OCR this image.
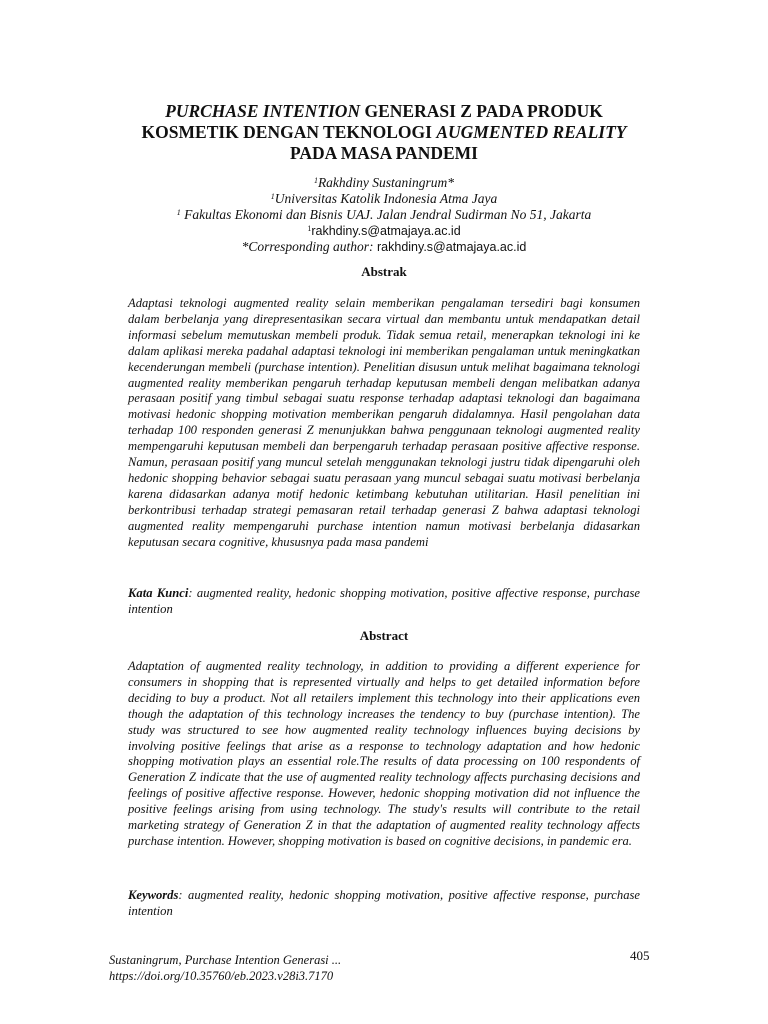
PURCHASE INTENTION GENERASI Z PADA PRODUK
KOSMETIK DENGAN TEKNOLOGI AUGMENTED REALITY
PADA MASA PANDEMI
$^1$Rakhdiny Sustaningrum*
$^1$Universitas Katolik Indonesia Atma Jaya
$^1$ Fakultas Ekonomi dan Bisnis UAJ. Jalan Jendral Sudirman No 51, Jakarta
$^1$rakhdiny.s@atmajaya.ac.id
*Corresponding author: rakhdiny.s@atmajaya.ac.id
Abstrak

Adaptasi teknologi augmented reality selain memberikan pengalaman tersediri bagi konsumen dalam berbelanja yang direpresentasikan secara virtual dan membantu untuk mendapatkan detail informasi sebelum memutuskan membeli produk. Tidak semua retail, menerapkan teknologi ini ke dalam aplikasi mereka padahal adaptasi teknologi ini memberikan pengalaman untuk meningkatkan kecenderungan membeli (purchase intention). Penelitian disusun untuk melihat bagaimana teknologi augmented reality memberikan pengaruh terhadap keputusan membeli dengan melibatkan adanya perasaan positif yang timbul sebagai suatu response terhadap adaptasi teknologi dan bagaimana motivasi hedonic shopping motivation memberikan pengaruh didalamnya. Hasil pengolahan data terhadap 100 responden generasi Z menunjukkan bahwa penggunaan teknologi augmented reality mempengaruhi keputusan membeli dan berpengaruh terhadap perasaan positive affective response. Namun, perasaan positif yang muncul setelah menggunakan teknologi justru tidak dipengaruhi oleh hedonic shopping behavior sebagai suatu perasaan yang muncul sebagai suatu motivasi berbelanja karena didasarkan adanya motif hedonic ketimbang kebutuhan utilitarian. Hasil penelitian ini berkontribusi terhadap strategi pemasaran retail terhadap generasi Z bahwa adaptasi teknologi augmented reality mempengaruhi purchase intention namun motivasi berbelanja didasarkan keputusan secara cognitive, khususnya pada masa pandemi

Kata Kunci: augmented reality, hedonic shopping motivation, positive affective response, purchase intention

Abstract

Adaptation of augmented reality technology, in addition to providing a different experience for consumers in shopping that is represented virtually and helps to get detailed information before deciding to buy a product. Not all retailers implement this technology into their applications even though the adaptation of this technology increases the tendency to buy (purchase intention). The study was structured to see how augmented reality technology influences buying decisions by involving positive feelings that arise as a response to technology adaptation and how hedonic shopping motivation plays an essential role.The results of data processing on 100 respondents of Generation Z indicate that the use of augmented reality technology affects purchasing decisions and feelings of positive affective response. However, hedonic shopping motivation did not influence the positive feelings arising from using technology. The study's results will contribute to the retail marketing strategy of Generation Z in that the adaptation of augmented reality technology affects purchase intention. However, shopping motivation is based on cognitive decisions, in pandemic era.

Keywords: augmented reality, hedonic shopping motivation, positive affective response, purchase intention

Sustaningrum, Purchase Intention Generasi ...
https://doi.org/10.35760/eb.2023.v28i3.7170
405
